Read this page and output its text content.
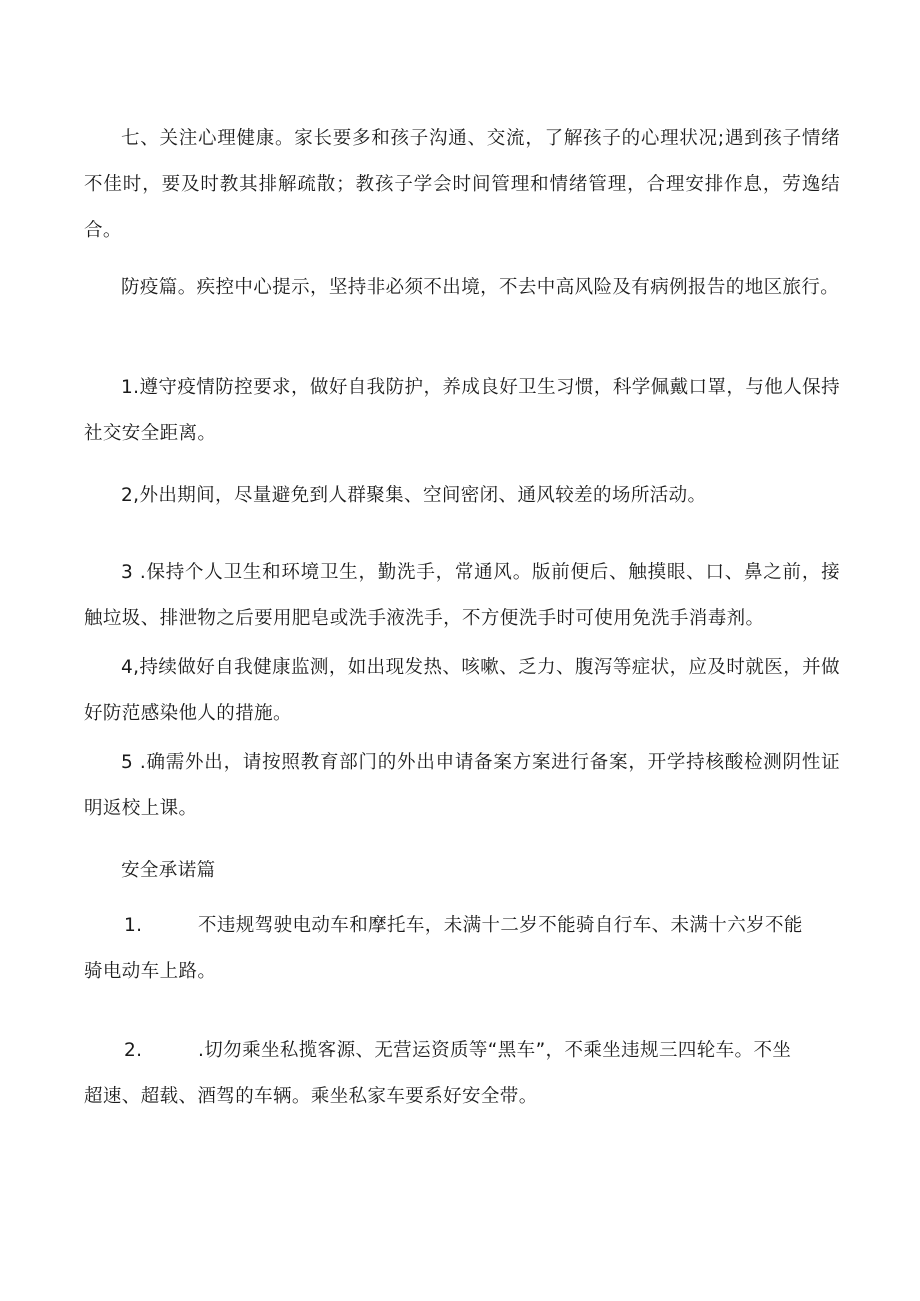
七、关注心理健康。家长要多和孩子沟通、交流，了解孩子的心理状况;遇到孩子情绪不佳时，要及时教其排解疏散；教孩子学会时间管理和情绪管理，合理安排作息，劳逸结合。

防疫篇。疾控中心提示，坚持非必须不出境，不去中高风险及有病例报告的地区旅行。

1.遵守疫情防控要求，做好自我防护，养成良好卫生习惯，科学佩戴口罩，与他人保持社交安全距离。

2,外出期间，尽量避免到人群聚集、空间密闭、通风较差的场所活动。

3 .保持个人卫生和环境卫生，勤洗手，常通风。版前便后、触摸眼、口、鼻之前，接触垃圾、排泄物之后要用肥皂或洗手液洗手，不方便洗手时可使用免洗手消毒剂。

4,持续做好自我健康监测，如出现发热、咳嗽、乏力、腹泻等症状，应及时就医，并做好防范感染他人的措施。

5 .确需外出，请按照教育部门的外出申请备案方案进行备案，开学持核酸检测阴性证明返校上课。

安全承诺篇

1.	不违规驾驶电动车和摩托车，未满十二岁不能骑自行车、未满十六岁不能
骑电动车上路。
2.	.切勿乘坐私揽客源、无营运资质等“黑车”，不乘坐违规三四轮车。不坐
超速、超载、酒驾的车辆。乘坐私家车要系好安全带。
